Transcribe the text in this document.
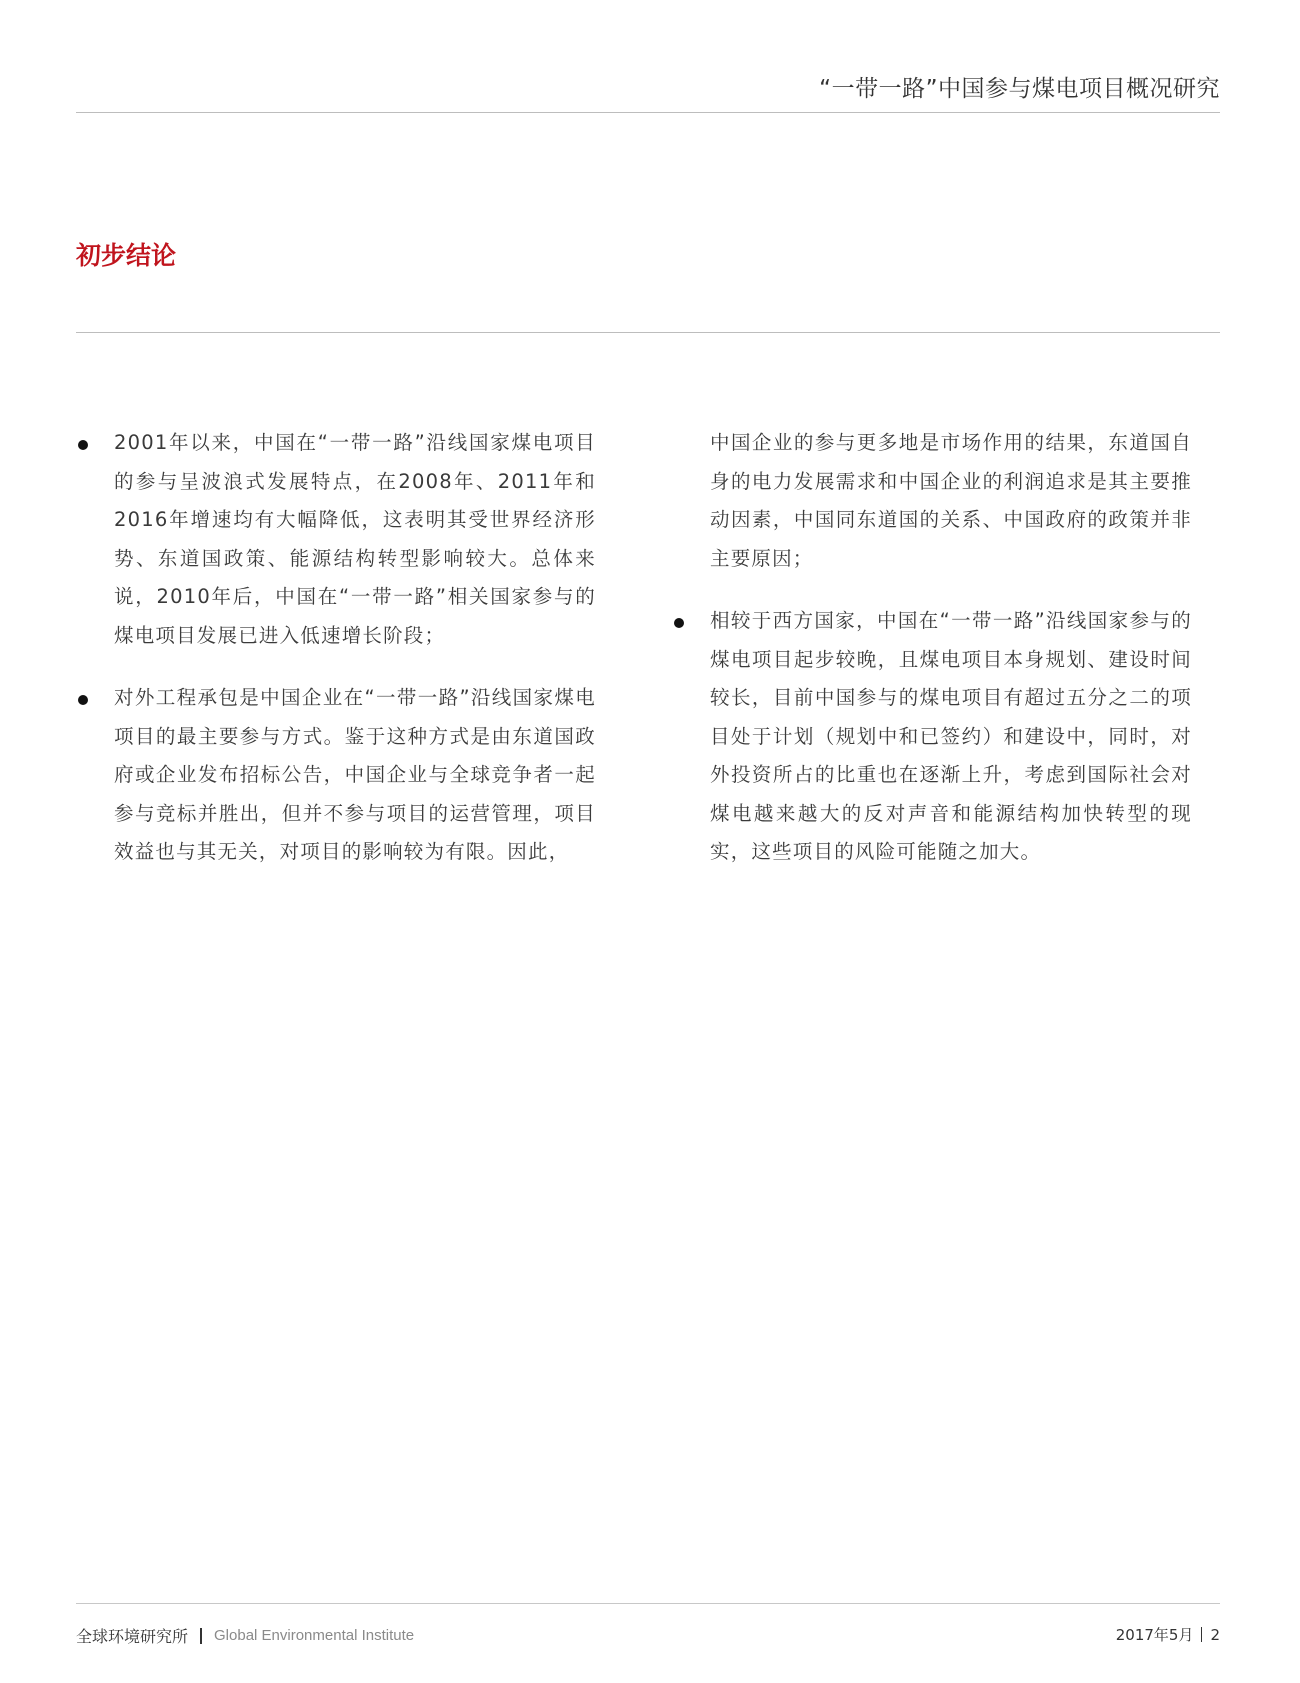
“一带一路”中国参与煤电项目概况研究
初步结论

2001年以来，中国在“一带一路”沿线国家煤电项目的参与呈波浪式发展特点，在2008年、2011年和2016年增速均有大幅降低，这表明其受世界经济形势、东道国政策、能源结构转型影响较大。总体来说，2010年后，中国在“一带一路”相关国家参与的煤电项目发展已进入低速增长阶段；

对外工程承包是中国企业在“一带一路”沿线国家煤电项目的最主要参与方式。鉴于这种方式是由东道国政府或企业发布招标公告，中国企业与全球竞争者一起参与竞标并胜出，但并不参与项目的运营管理，项目效益也与其无关，对项目的影响较为有限。因此，

中国企业的参与更多地是市场作用的结果，东道国自身的电力发展需求和中国企业的利润追求是其主要推动因素，中国同东道国的关系、中国政府的政策并非主要原因；

相较于西方国家，中国在“一带一路”沿线国家参与的煤电项目起步较晚，且煤电项目本身规划、建设时间较长，目前中国参与的煤电项目有超过五分之二的项目处于计划（规划中和已签约）和建设中，同时，对外投资所占的比重也在逐渐上升，考虑到国际社会对煤电越来越大的反对声音和能源结构加快转型的现实，这些项目的风险可能随之加大。

全球环境研究所 Global Environmental Institute	2017年5月 2
